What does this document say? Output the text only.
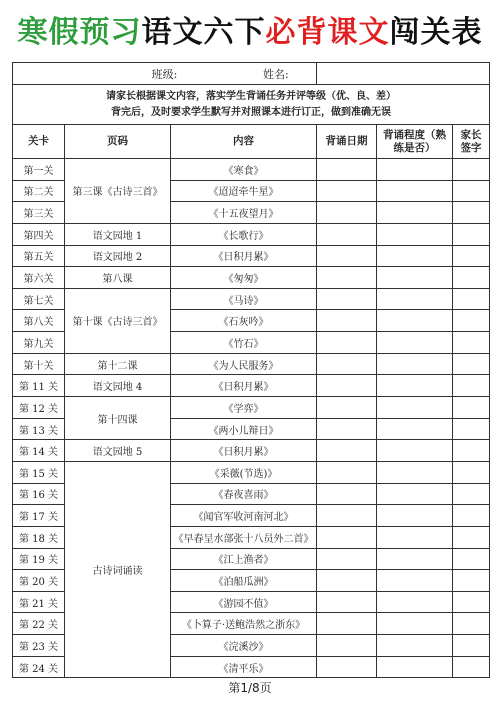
寒假预习语文六下必背课文闯关表
班级:			姓名:		

请家长根据课文内容，落实学生背诵任务并评等级（优、良、差）
背完后，及时要求学生默写并对照课本进行订正，做到准确无误					

关卡	页码	内容	背诵日期	背诵程度（熟练是否）	家长签字
第一关	第三课《古诗三首》	《寒食》			
第二关		《迢迢牵牛星》			
第三关		《十五夜望月》			
第四关	语文园地 1	《长歌行》			
第五关	语文园地 2	《日积月累》			
第六关	第八课	《匆匆》			
第七关	第十课《古诗三首》	《马诗》			
第八关		《石灰吟》			
第九关		《竹石》			
第十关	第十二课	《为人民服务》			
第 11 关	语文园地 4	《日积月累》			
第 12 关	第十四课	《学弈》			
第 13 关		《两小儿辩日》			
第 14 关	语文园地 5	《日积月累》			
第 15 关	古诗词诵读	《采薇(节选)》			
第 16 关		《春夜喜雨》			
第 17 关		《闻官军收河南河北》			
第 18 关		《早春呈水部张十八员外二首》			
第 19 关		《江上渔者》			
第 20 关		《泊船瓜洲》			
第 21 关		《游园不值》			
第 22 关		《卜算子·送鲍浩然之浙东》			
第 23 关		《浣溪沙》			
第 24 关		《清平乐》			
第1/8页
